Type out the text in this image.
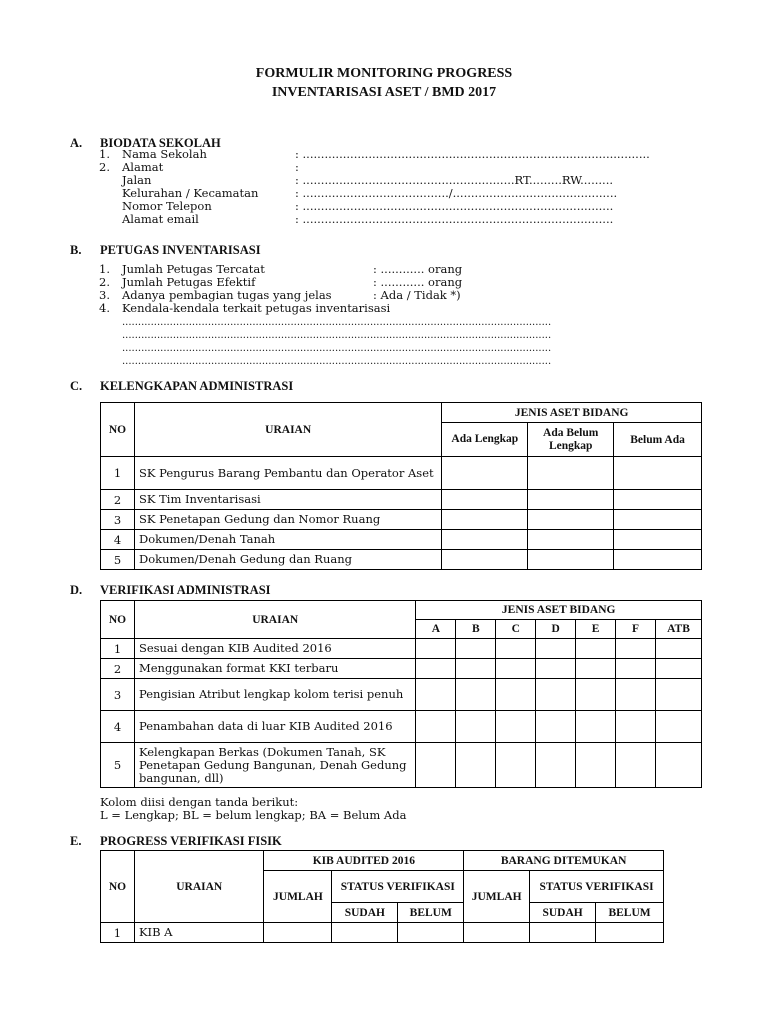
FORMULIR MONITORING PROGRESS
INVENTARISASI ASET / BMD 2017
A. BIODATA SEKOLAH
1. Nama Sekolah	: ...............................................................................................
2. Alamat	:
Jalan	: ..........................................................RT.........RW.........
Kelurahan / Kecamatan	: ......................................../.............................................
Nomor Telepon	: .....................................................................................
Alamat email	: .....................................................................................
B. PETUGAS INVENTARISASI
1. Jumlah Petugas Tercatat	: ............ orang
2. Jumlah Petugas Efektif	: ............ orang
3. Adanya pembagian tugas yang jelas	: Ada / Tidak *)
4. Kendala-kendala terkait petugas inventarisasi
.......................................................................................................................................
.......................................................................................................................................
.......................................................................................................................................
.......................................................................................................................................
C. KELENGKAPAN ADMINISTRASI
NO	URAIAN	JENIS ASET BIDANG		
		Ada Lengkap	Ada Belum Lengkap	Belum Ada
1	SK Pengurus Barang Pembantu dan Operator Aset			
2	SK Tim Inventarisasi			
3	SK Penetapan Gedung dan Nomor Ruang			
4	Dokumen/Denah Tanah			
5	Dokumen/Denah Gedung dan Ruang			
D. VERIFIKASI ADMINISTRASI
NO	URAIAN	JENIS ASET BIDANG						
		A	B	C	D	E	F	ATB
1	Sesuai dengan KIB Audited 2016							
2	Menggunakan format KKI terbaru							
3	Pengisian Atribut lengkap kolom terisi penuh							
4	Penambahan data di luar KIB Audited 2016							
5	Kelengkapan Berkas (Dokumen Tanah, SK Penetapan Gedung Bangunan, Denah Gedung bangunan, dll)							
Kolom diisi dengan tanda berikut:
L = Lengkap; BL = belum lengkap; BA = Belum Ada
E. PROGRESS VERIFIKASI FISIK
NO	URAIAN	KIB AUDITED 2016			BARANG DITEMUKAN		
		JUMLAH	STATUS VERIFIKASI		JUMLAH	STATUS VERIFIKASI	
			SUDAH	BELUM		SUDAH	BELUM
1	KIB A						
